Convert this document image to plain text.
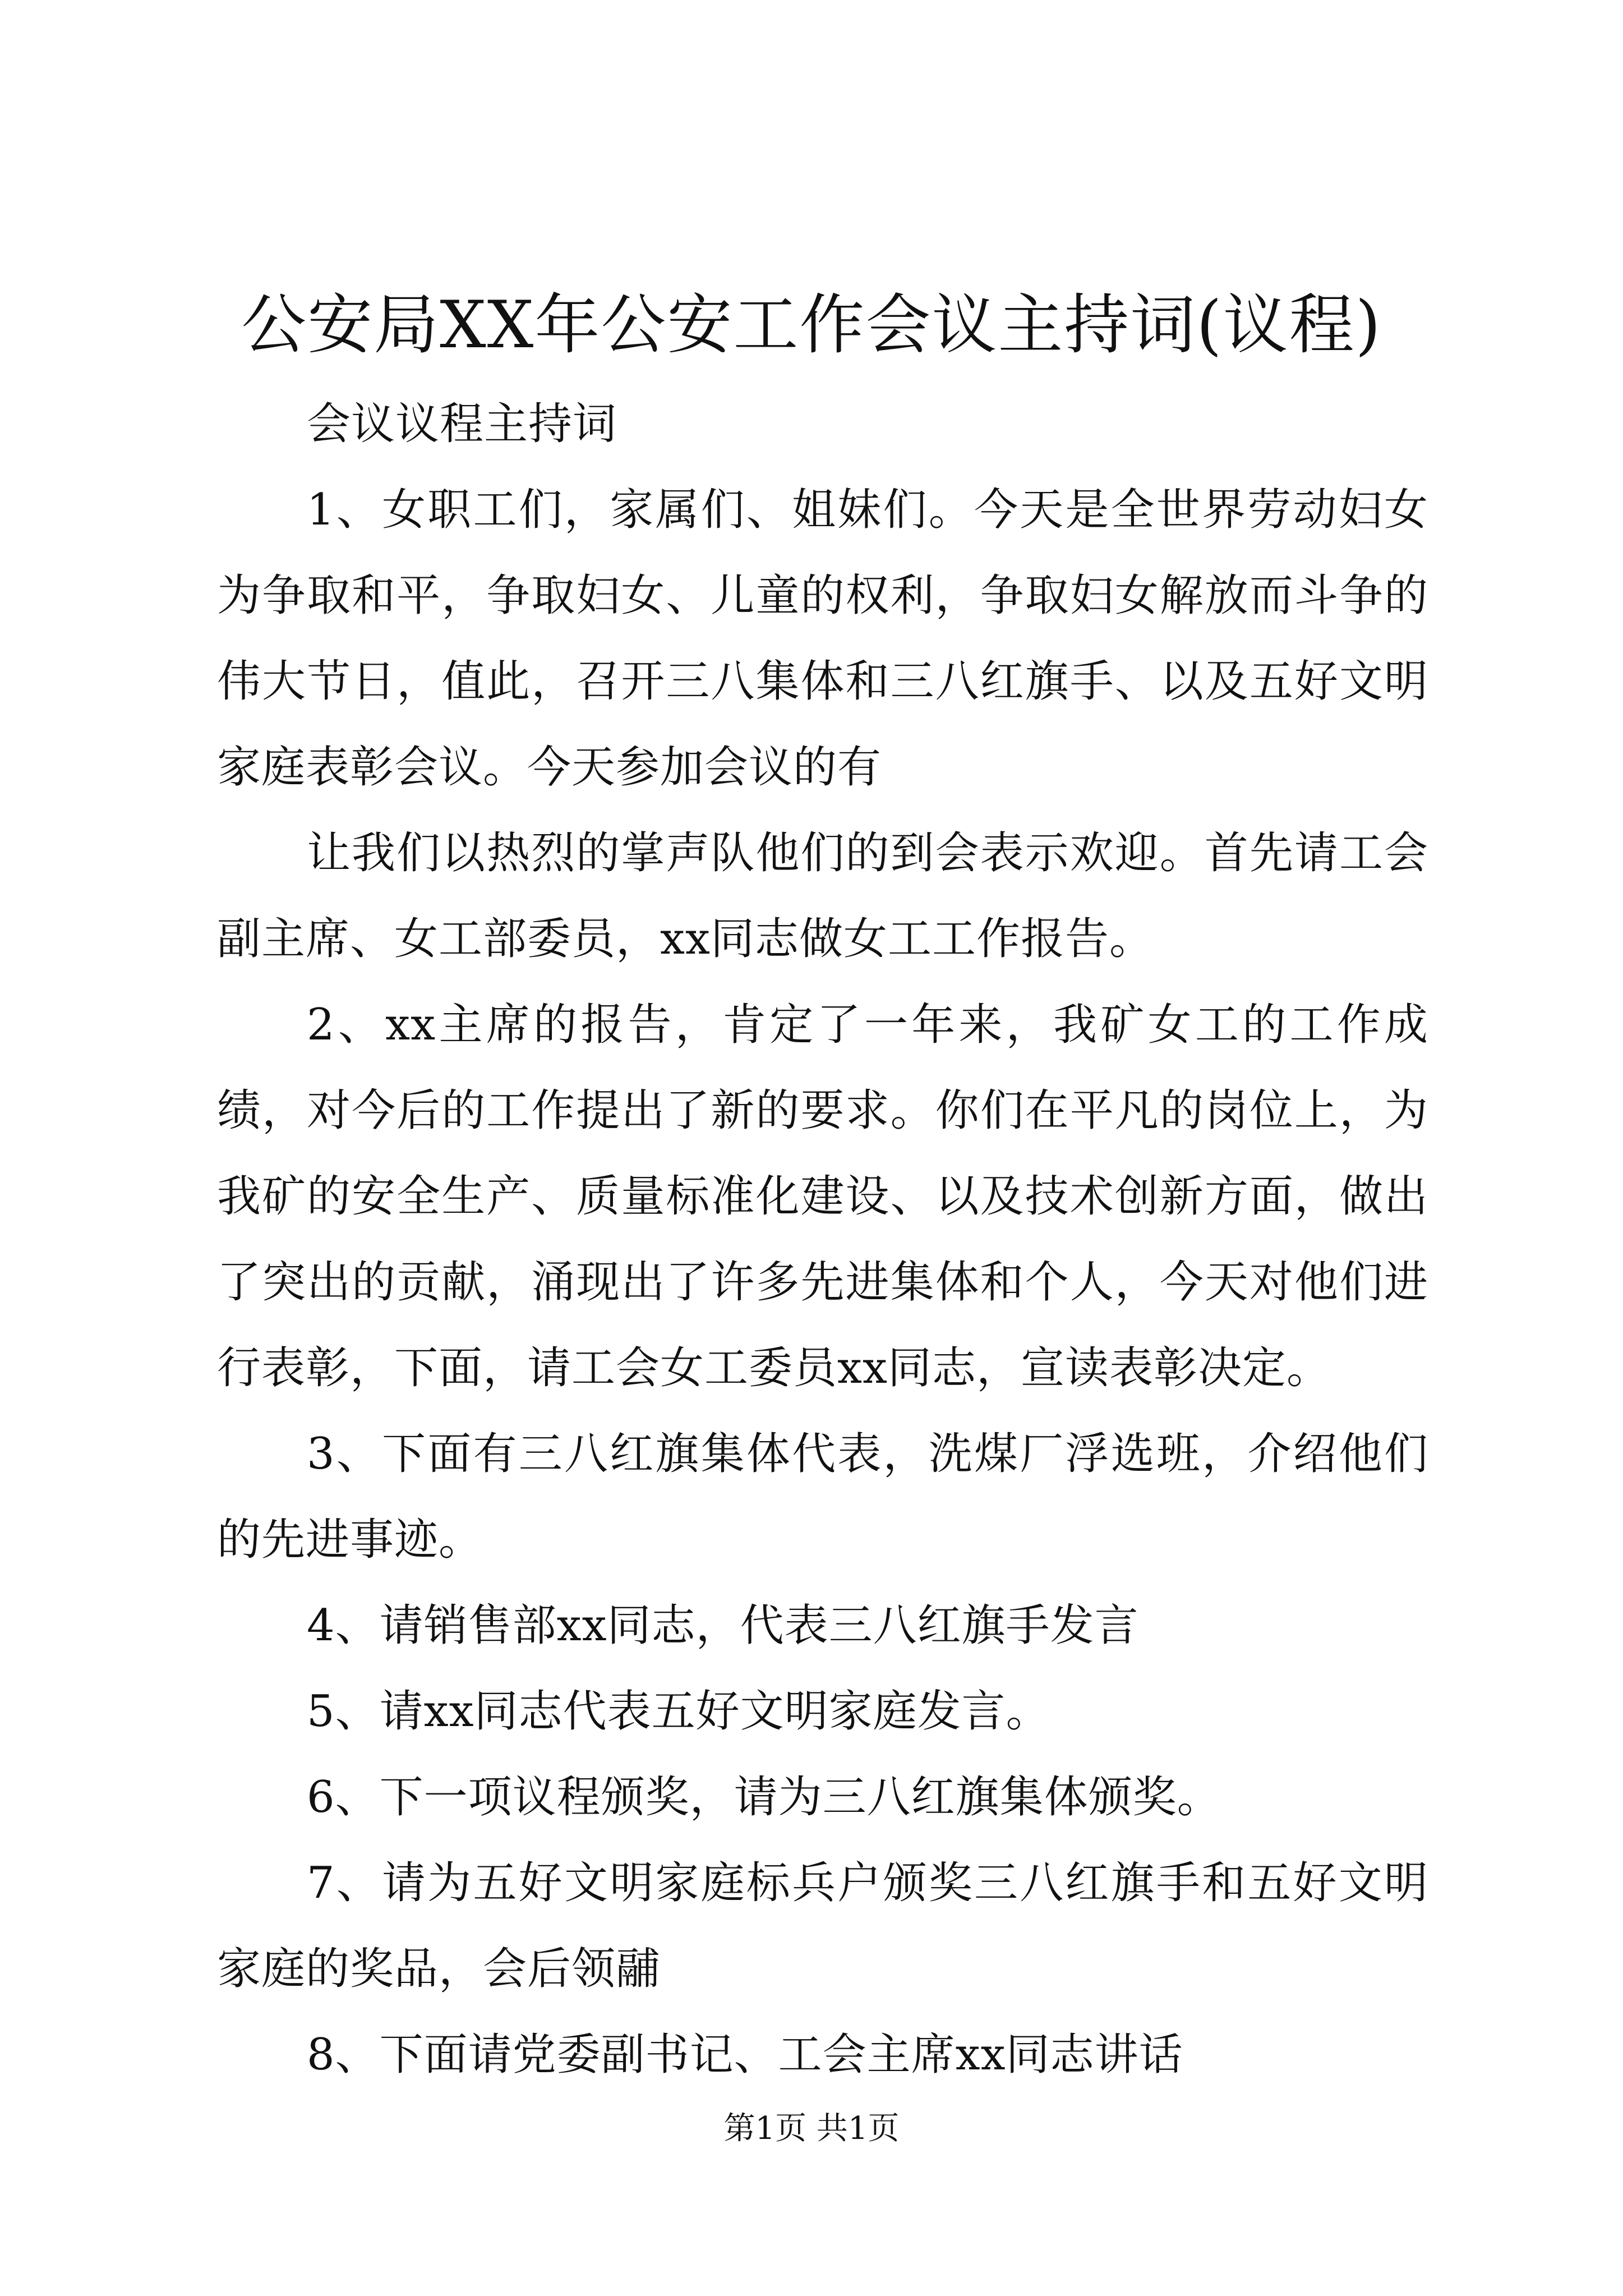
公安局XX年公安工作会议主持词(议程)

会议议程主持词

1、女职工们，家属们、姐妹们。今天是全世界劳动妇女为争取和平，争取妇女、儿童的权利，争取妇女解放而斗争的伟大节日，值此，召开三八集体和三八红旗手、以及五好文明家庭表彰会议。今天参加会议的有

让我们以热烈的掌声队他们的到会表示欢迎。首先请工会副主席、女工部委员，xx同志做女工工作报告。

2、xx主席的报告，肯定了一年来，我矿女工的工作成绩，对今后的工作提出了新的要求。你们在平凡的岗位上，为我矿的安全生产、质量标准化建设、以及技术创新方面，做出了突出的贡献，涌现出了许多先进集体和个人，今天对他们进行表彰，下面，请工会女工委员xx同志，宣读表彰决定。

3、下面有三八红旗集体代表，洗煤厂浮选班，介绍他们的先进事迹。

4、请销售部xx同志，代表三八红旗手发言

5、请xx同志代表五好文明家庭发言。

6、下一项议程颁奖，请为三八红旗集体颁奖。

7、请为五好文明家庭标兵户颁奖三八红旗手和五好文明家庭的奖品，会后领鬴

8、下面请党委副书记、工会主席xx同志讲话

第1页 共1页
